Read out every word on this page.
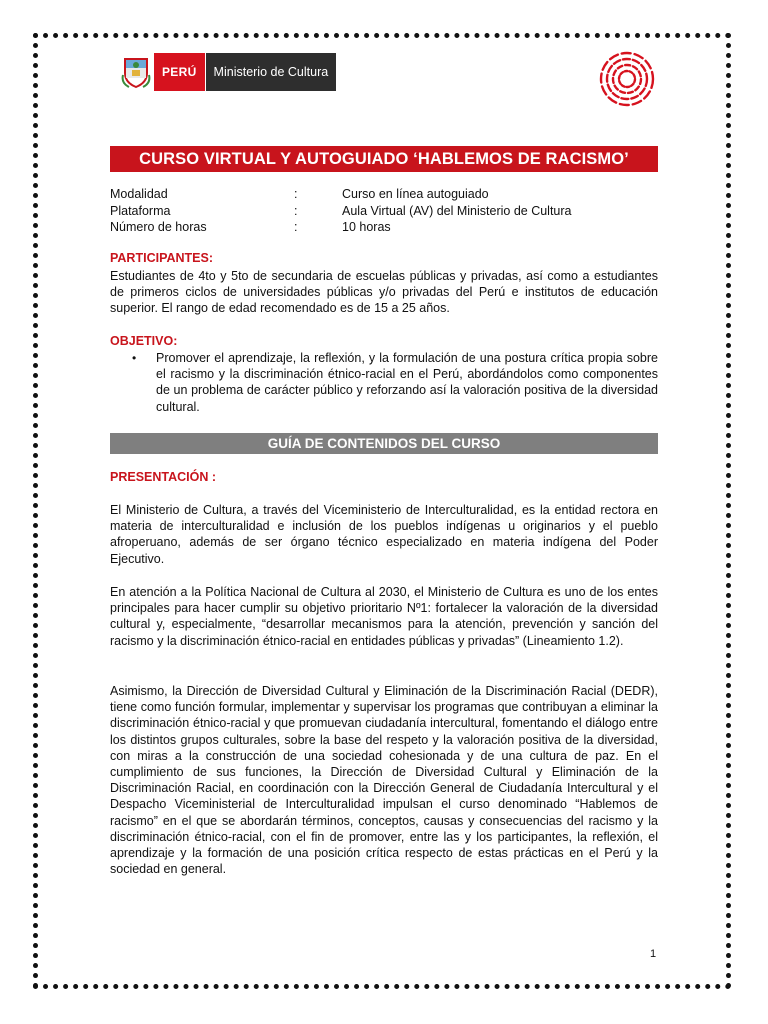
PERÚ	Ministerio de Cultura
CURSO VIRTUAL Y AUTOGUIADO ‘HABLEMOS DE RACISMO’
Modalidad	:	Curso en línea autoguiado
Plataforma	:	Aula Virtual (AV) del Ministerio de Cultura
Número de horas	:	10 horas
PARTICIPANTES:

Estudiantes de 4to y 5to de secundaria de escuelas públicas y privadas, así como a estudiantes de primeros ciclos de universidades públicas y/o privadas del Perú e institutos de educación superior. El rango de edad recomendado es de 15 a 25 años.

OBJETIVO:
• Promover el aprendizaje, la reflexión, y la formulación de una postura crítica propia sobre el racismo y la discriminación étnico-racial en el Perú, abordándolos como componentes de un problema de carácter público y reforzando así la valoración positiva de la diversidad cultural.

GUÍA DE CONTENIDOS DEL CURSO
PRESENTACIÓN :

El Ministerio de Cultura, a través del Viceministerio de Interculturalidad, es la entidad rectora en materia de interculturalidad e inclusión de los pueblos indígenas u originarios y el pueblo afroperuano, además de ser órgano técnico especializado en materia indígena del Poder Ejecutivo.

En atención a la Política Nacional de Cultura al 2030, el Ministerio de Cultura es uno de los entes principales para hacer cumplir su objetivo prioritario Nº1: fortalecer la valoración de la diversidad cultural y, especialmente, “desarrollar mecanismos para la atención, prevención y sanción del racismo y la discriminación étnico-racial en entidades públicas y privadas” (Lineamiento 1.2).

Asimismo, la Dirección de Diversidad Cultural y Eliminación de la Discriminación Racial (DEDR), tiene como función formular, implementar y supervisar los programas que contribuyan a eliminar la discriminación étnico-racial y que promuevan ciudadanía intercultural, fomentando el diálogo entre los distintos grupos culturales, sobre la base del respeto y la valoración positiva de la diversidad, con miras a la construcción de una sociedad cohesionada y de una cultura de paz. En el cumplimiento de sus funciones, la Dirección de Diversidad Cultural y Eliminación de la Discriminación Racial, en coordinación con la Dirección General de Ciudadanía Intercultural y el Despacho Viceministerial de Interculturalidad impulsan el curso denominado “Hablemos de racismo” en el que se abordarán términos, conceptos, causas y consecuencias del racismo y la discriminación étnico-racial, con el fin de promover, entre las y los participantes, la reflexión, el aprendizaje y la formación de una posición crítica respecto de estas prácticas en el Perú y la sociedad en general.

1
